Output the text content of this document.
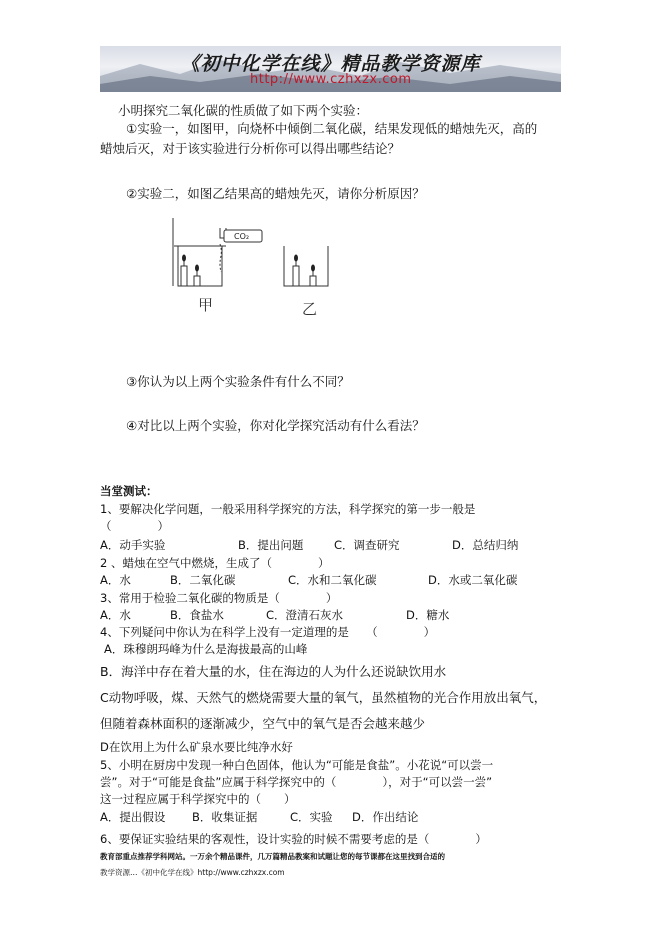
《初中化学在线》精品教学资源库
http://www.czhxzx.com
小明探究二氧化碳的性质做了如下两个实验：
①实验一，如图甲，向烧杯中倾倒二氧化碳，结果发现低的蜡烛先灭，高的
蜡烛后灭，对于该实验进行分析你可以得出哪些结论？
②实验二，如图乙结果高的蜡烛先灭，请你分析原因？
CO₂
甲	乙
③你认为以上两个实验条件有什么不同？
④对比以上两个实验，你对化学探究活动有什么看法？
当堂测试：
1、要解决化学问题，一般采用科学探究的方法，科学探究的第一步一般是
（　　　　）
A．动手实验	B．提出问题	C．调查研究	D．总结归纳
2 、蜡烛在空气中燃烧，生成了（　　　　）
A．水	B．二氧化碳	C．水和二氧化碳	D．水或二氧化碳
3、常用于检验二氧化碳的物质是（　　　　）
A．水	B．食盐水	C．澄清石灰水	D．糖水
4、下列疑问中你认为在科学上没有一定道理的是　　（　　　　）
A．珠穆朗玛峰为什么是海拔最高的山峰
B．海洋中存在着大量的水，住在海边的人为什么还说缺饮用水
C动物呼吸，煤、天然气的燃烧需要大量的氧气，虽然植物的光合作用放出氧气，
但随着森林面积的逐渐减少，空气中的氧气是否会越来越少
D在饮用上为什么矿泉水要比纯净水好
5、小明在厨房中发现一种白色固体，他认为“可能是食盐”。小花说“可以尝一
尝”。对于“可能是食盐”应属于科学探究中的（　　　　），对于“可以尝一尝”
这一过程应属于科学探究中的（　　）
A．提出假设 B．收集证据	C．实验 D．作出结论
6、要保证实验结果的客观性，设计实验的时候不需要考虑的是（　　　　）
教育部重点推荐学科网站。一万余个精品课件，几万篇精品教案和试题让您的每节课都在这里找到合适的
教学资源…《初中化学在线》http://www.czhxzx.com
